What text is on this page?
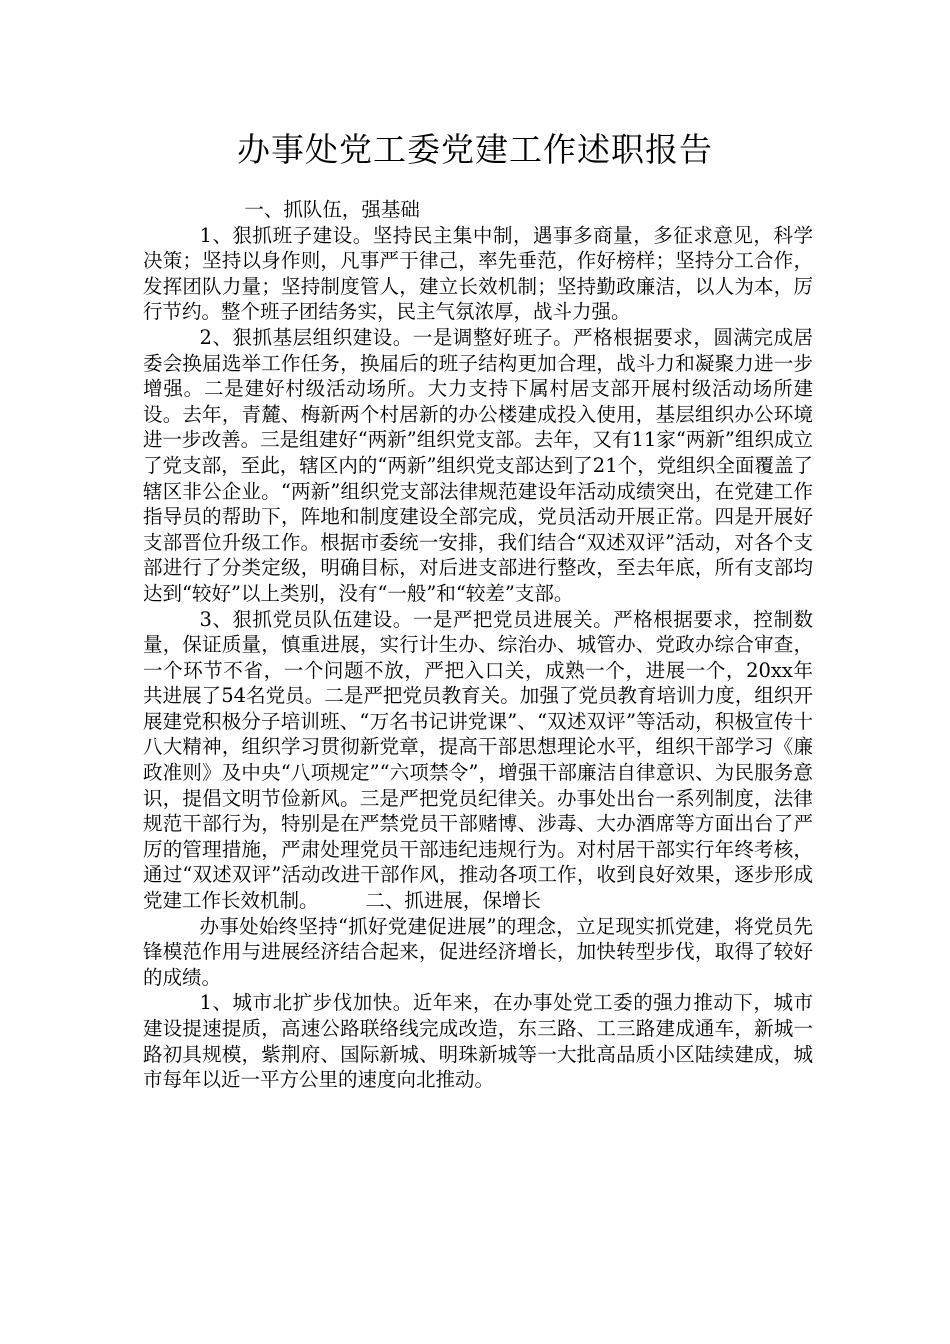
办事处党工委党建工作述职报告

一、抓队伍，强基础

1、狠抓班子建设。坚持民主集中制，遇事多商量，多征求意见，科学决策；坚持以身作则，凡事严于律己，率先垂范，作好榜样；坚持分工合作，发挥团队力量；坚持制度管人，建立长效机制；坚持勤政廉洁，以人为本，厉行节约。整个班子团结务实，民主气氛浓厚，战斗力强。

2、狠抓基层组织建设。一是调整好班子。严格根据要求，圆满完成居委会换届选举工作任务，换届后的班子结构更加合理，战斗力和凝聚力进一步增强。二是建好村级活动场所。大力支持下属村居支部开展村级活动场所建设。去年，青麓、梅新两个村居新的办公楼建成投入使用，基层组织办公环境进一步改善。三是组建好“两新”组织党支部。去年，又有11家“两新”组织成立了党支部，至此，辖区内的“两新”组织党支部达到了21个，党组织全面覆盖了辖区非公企业。“两新”组织党支部法律规范建设年活动成绩突出，在党建工作指导员的帮助下，阵地和制度建设全部完成，党员活动开展正常。四是开展好支部晋位升级工作。根据市委统一安排，我们结合“双述双评”活动，对各个支部进行了分类定级，明确目标，对后进支部进行整改，至去年底，所有支部均达到“较好”以上类别，没有“一般”和“较差”支部。

3、狠抓党员队伍建设。一是严把党员进展关。严格根据要求，控制数量，保证质量，慎重进展，实行计生办、综治办、城管办、党政办综合审查，一个环节不省，一个问题不放，严把入口关，成熟一个，进展一个，20xx年共进展了54名党员。二是严把党员教育关。加强了党员教育培训力度，组织开展建党积极分子培训班、“万名书记讲党课”、“双述双评”等活动，积极宣传十八大精神，组织学习贯彻新党章，提高干部思想理论水平，组织干部学习《廉政准则》及中央“八项规定”“六项禁令”，增强干部廉洁自律意识、为民服务意识，提倡文明节俭新风。三是严把党员纪律关。办事处出台一系列制度，法律规范干部行为，特别是在严禁党员干部赌博、涉毒、大办酒席等方面出台了严厉的管理措施，严肃处理党员干部违纪违规行为。对村居干部实行年终考核，通过“双述双评”活动改进干部作风，推动各项工作，收到良好效果，逐步形成党建工作长效机制。 二、抓进展，保增长

办事处始终坚持“抓好党建促进展”的理念，立足现实抓党建，将党员先锋模范作用与进展经济结合起来，促进经济增长，加快转型步伐，取得了较好的成绩。

1、城市北扩步伐加快。近年来，在办事处党工委的强力推动下，城市建设提速提质，高速公路联络线完成改造，东三路、工三路建成通车，新城一路初具规模，紫荆府、国际新城、明珠新城等一大批高品质小区陆续建成，城市每年以近一平方公里的速度向北推动。
